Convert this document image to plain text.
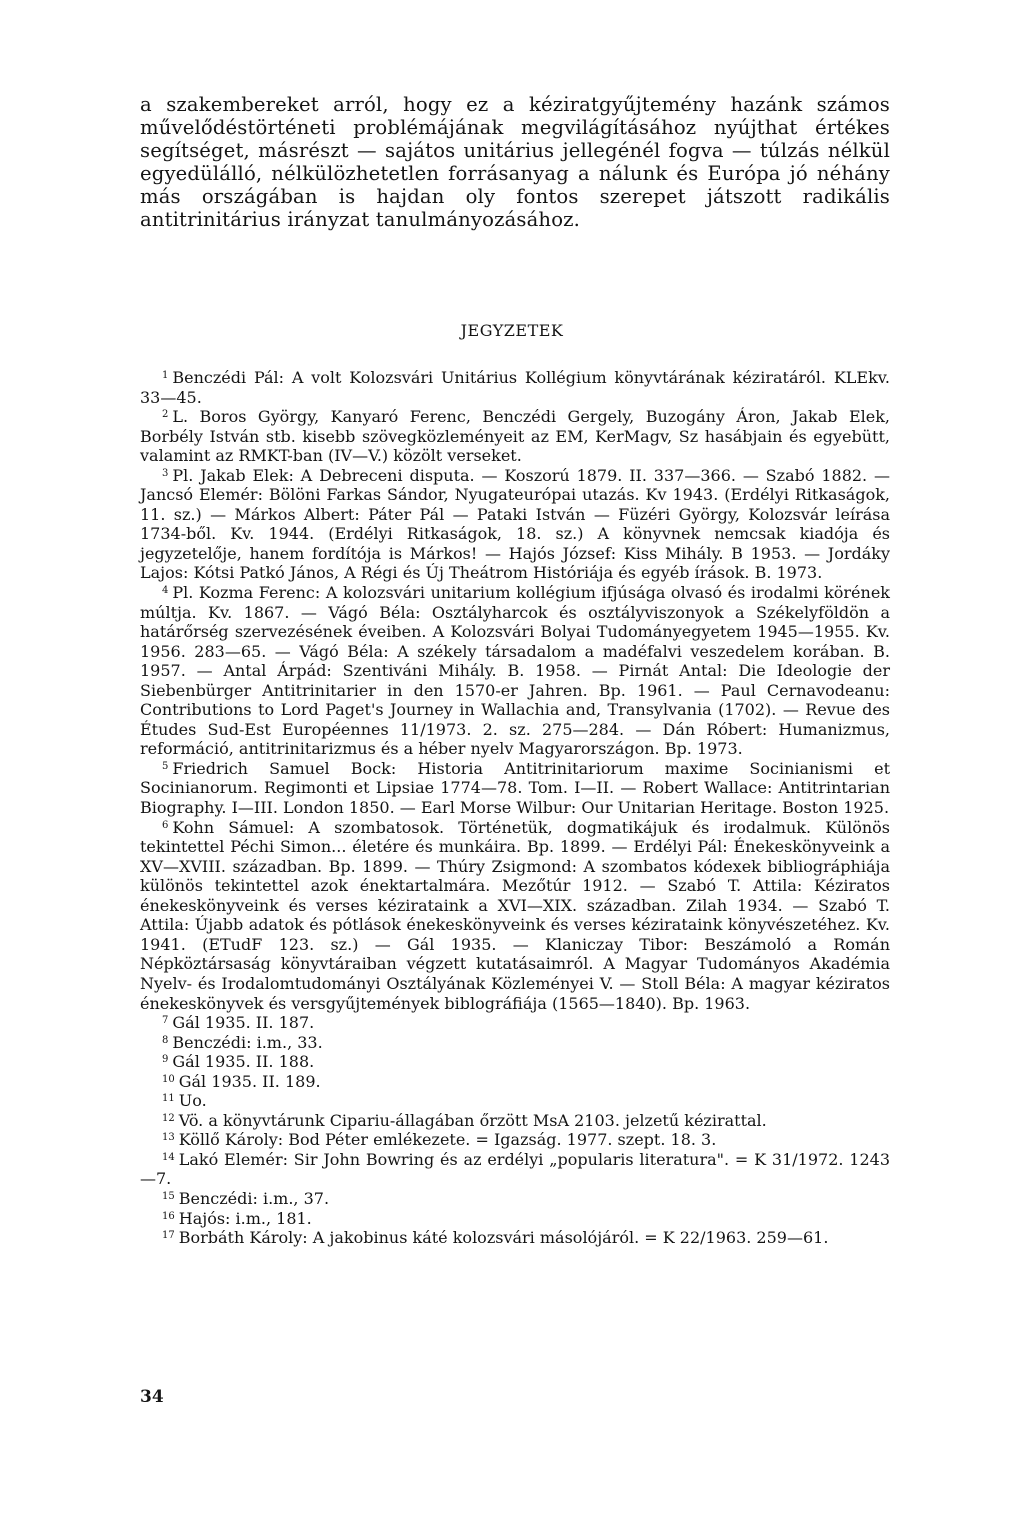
a szakembereket arról, hogy ez a kéziratgyűjtemény hazánk számos művelődéstörténeti problémájának megvilágításához nyújthat értékes segítséget, másrészt — sajátos unitárius jellegénél fogva — túlzás nélkül egyedülálló, nélkülözhetetlen forrásanyag a nálunk és Európa jó néhány más országában is hajdan oly fontos szerepet játszott radikális antitrinitárius irányzat tanulmányozásához.

JEGYZETEK

$^1$ Benczédi Pál: A volt Kolozsvári Unitárius Kollégium könyvtárának kéziratáról. KLEkv. 33—45.

$^2$ L. Boros György, Kanyaró Ferenc, Benczédi Gergely, Buzogány Áron, Jakab Elek, Borbély István stb. kisebb szövegközleményeit az EM, KerMagv, Sz hasábjain és egyebütt, valamint az RMKT-ban (IV—V.) közölt verseket.

$^3$ Pl. Jakab Elek: A Debreceni disputa. — Koszorú 1879. II. 337—366. — Szabó 1882. — Jancsó Elemér: Bölöni Farkas Sándor, Nyugateurópai utazás. Kv 1943. (Erdélyi Ritkaságok, 11. sz.) — Márkos Albert: Páter Pál — Pataki István — Füzéri György, Kolozsvár leírása 1734-ből. Kv. 1944. (Erdélyi Ritkaságok, 18. sz.) A könyvnek nemcsak kiadója és jegyzetelője, hanem fordítója is Márkos! — Hajós József: Kiss Mihály. B 1953. — Jordáky Lajos: Kótsi Patkó János, A Régi és Új Theátrom Históriája és egyéb írások. B. 1973.

$^4$ Pl. Kozma Ferenc: A kolozsvári unitarium kollégium ifjúsága olvasó és irodalmi körének múltja. Kv. 1867. — Vágó Béla: Osztályharcok és osztályviszonyok a Székelyföldön a határőrség szervezésének éveiben. A Kolozsvári Bolyai Tudományegyetem 1945—1955. Kv. 1956. 283—65. — Vágó Béla: A székely társadalom a madéfalvi veszedelem korában. B. 1957. — Antal Árpád: Szentiváni Mihály. B. 1958. — Pirnát Antal: Die Ideologie der Siebenbürger Antitrinitarier in den 1570-er Jahren. Bp. 1961. — Paul Cernavodeanu: Contributions to Lord Paget's Journey in Wallachia and, Transylvania (1702). — Revue des Études Sud-Est Européennes 11/1973. 2. sz. 275—284. — Dán Róbert: Humanizmus, reformáció, antitrinitarizmus és a héber nyelv Magyarországon. Bp. 1973.

$^5$ Friedrich Samuel Bock: Historia Antitrinitariorum maxime Socinianismi et Socinianorum. Regimonti et Lipsiae 1774—78. Tom. I—II. — Robert Wallace: Antitrintarian Biography. I—III. London 1850. — Earl Morse Wilbur: Our Unitarian Heritage. Boston 1925.

$^6$ Kohn Sámuel: A szombatosok. Történetük, dogmatikájuk és irodalmuk. Különös tekintettel Péchi Simon... életére és munkáira. Bp. 1899. — Erdélyi Pál: Énekeskönyveink a XV—XVIII. században. Bp. 1899. — Thúry Zsigmond: A szombatos kódexek bibliográphiája különös tekintettel azok énektartalmára. Mezőtúr 1912. — Szabó T. Attila: Kéziratos énekeskönyveink és verses kézirataink a XVI—XIX. században. Zilah 1934. — Szabó T. Attila: Újabb adatok és pótlások énekeskönyveink és verses kézirataink könyvészetéhez. Kv. 1941. (ETudF 123. sz.) — Gál 1935. — Klaniczay Tibor: Beszámoló a Román Népköztársaság könyvtáraiban végzett kutatásaimról. A Magyar Tudományos Akadémia Nyelv- és Irodalomtudományi Osztályának Közleményei V. — Stoll Béla: A magyar kéziratos énekeskönyvek és versgyűjtemények biblográfiája (1565—1840). Bp. 1963.

$^7$ Gál 1935. II. 187.

$^8$ Benczédi: i.m., 33.

$^9$ Gál 1935. II. 188.

$^{10}$ Gál 1935. II. 189.

$^{11}$ Uo.

$^{12}$ Vö. a könyvtárunk Cipariu-állagában őrzött MsA 2103. jelzetű kézirattal.

$^{13}$ Köllő Károly: Bod Péter emlékezete. = Igazság. 1977. szept. 18. 3.

$^{14}$ Lakó Elemér: Sir John Bowring és az erdélyi „popularis literatura". = K 31/1972. 1243—7.

$^{15}$ Benczédi: i.m., 37.

$^{16}$ Hajós: i.m., 181.

$^{17}$ Borbáth Károly: A jakobinus káté kolozsvári másolójáról. = K 22/1963. 259—61.

34
